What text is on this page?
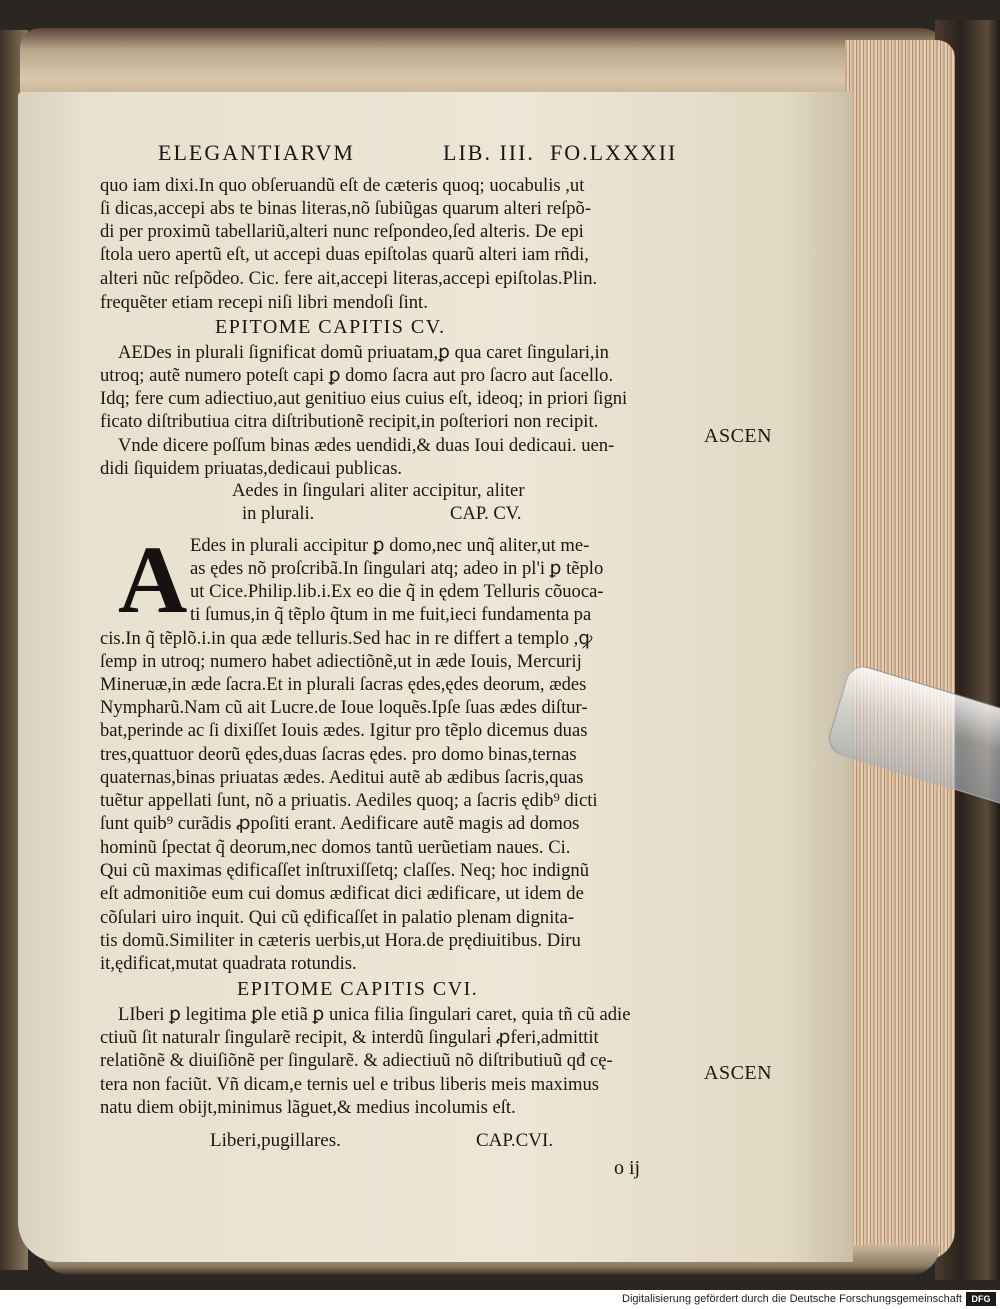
ELEGANTIARVM	LIB. III. FO.LXXXII
quo iam dixi.In quo obſeruandũ eſt de cæteris quoq; uocabulis ,ut
ſi dicas,accepi abs te binas literas,nõ ſubiũgas quarum alteri reſpõ-
di per proximũ tabellariũ,alteri nunc reſpondeo,ſed alteris. De epi
ſtola uero apertũ eſt, ut accepi duas epiſtolas quarũ alteri iam rñdi,
alteri nũc reſpõdeo. Cic. fere ait,accepi literas,accepi epiſtolas.Plin.
frequẽter etiam recepi niſi libri mendoſi ſint.
EPITOME CAPITIS CV.
AEDes in plurali ſignificat domũ priuatam,ꝑ qua caret ſingulari,in
utroq; autẽ numero poteſt capi ꝑ domo ſacra aut pro ſacro aut ſacello.
Idq; fere cum adiectiuo,aut genitiuo eius cuius eſt, ideoq; in priori ſigni
ficato diſtributiua citra diſtributionẽ recipit,in poſteriori non recipit.
Vnde dicere poſſum binas ædes uendidi,& duas Ioui dedicaui. uen-
didi ſiquidem priuatas,dedicaui publicas.
ASCEN
Aedes in ſingulari aliter accipitur, aliter
in plurali.	CAP. CV.
A Edes in plurali accipitur ꝑ domo,nec unq̃ aliter,ut me-
as ędes nõ proſcribã.In ſingulari atq; adeo in pl'i ꝑ tẽplo
ut Cice.Philip.lib.i.Ex eo die q̃ in ędem Telluris cõuoca-
ti ſumus,in q̃ tẽplo q̃tum in me fuit,ieci fundamenta pa
cis.In q̃ tẽplõ.i.in qua æde telluris.Sed hac in re differt a templo ,ꝙ
ſemp in utroq; numero habet adiectiõnẽ,ut in æde Iouis, Mercurij
Mineruæ,in æde ſacra.Et in plurali ſacras ędes,ędes deorum, ædes
Nympharũ.Nam cũ ait Lucre.de Ioue loquẽs.Ipſe ſuas ædes diſtur-
bat,perinde ac ſi dixiſſet Iouis ædes. Igitur pro tẽplo dicemus duas
tres,quattuor deorũ ędes,duas ſacras ędes. pro domo binas,ternas
quaternas,binas priuatas ædes. Aeditui autẽ ab ædibus ſacris,quas
tuẽtur appellati ſunt, nõ a priuatis. Aediles quoq; a ſacris ędib⁹ dicti
ſunt quib⁹ curãdis ꝓpoſiti erant. Aedificare autẽ magis ad domos
hominũ ſpectat q̃ deorum,nec domos tantũ uerũetiam naues. Ci.
Qui cũ maximas ędificaſſet inſtruxiſſetq; claſſes. Neq; hoc indignũ
eſt admonitiõe eum cui domus ædificat dici ædificare, ut idem de
cõſulari uiro inquit. Qui cũ ędificaſſet in palatio plenam dignita-
tis domũ.Similiter in cæteris uerbis,ut Hora.de prędiuitibus. Diru
it,ędificat,mutat quadrata rotundis.
EPITOME CAPITIS CVI.
LIberi ꝑ legitima ꝑle etiã ꝑ unica filia ſingulari caret, quia tñ cũ adie
ctiuũ ſit naturalr ſingularẽ recipit, & interdũ ſingulari̇ ꝓferi,admittit
relatiõnẽ & diuiſiõnẽ per ſingularẽ. & adiectiuũ nõ diſtributiuũ qđ cę-
tera non faciũt. Vñ dicam,e ternis uel e tribus liberis meis maximus
natu diem obijt,minimus lãguet,& medius incolumis eſt.
ASCEN
Liberi,pugillares.	CAP.CVI.
o ij
Digitalisierung gefördert durch die Deutsche Forschungsgemeinschaft	DFG
